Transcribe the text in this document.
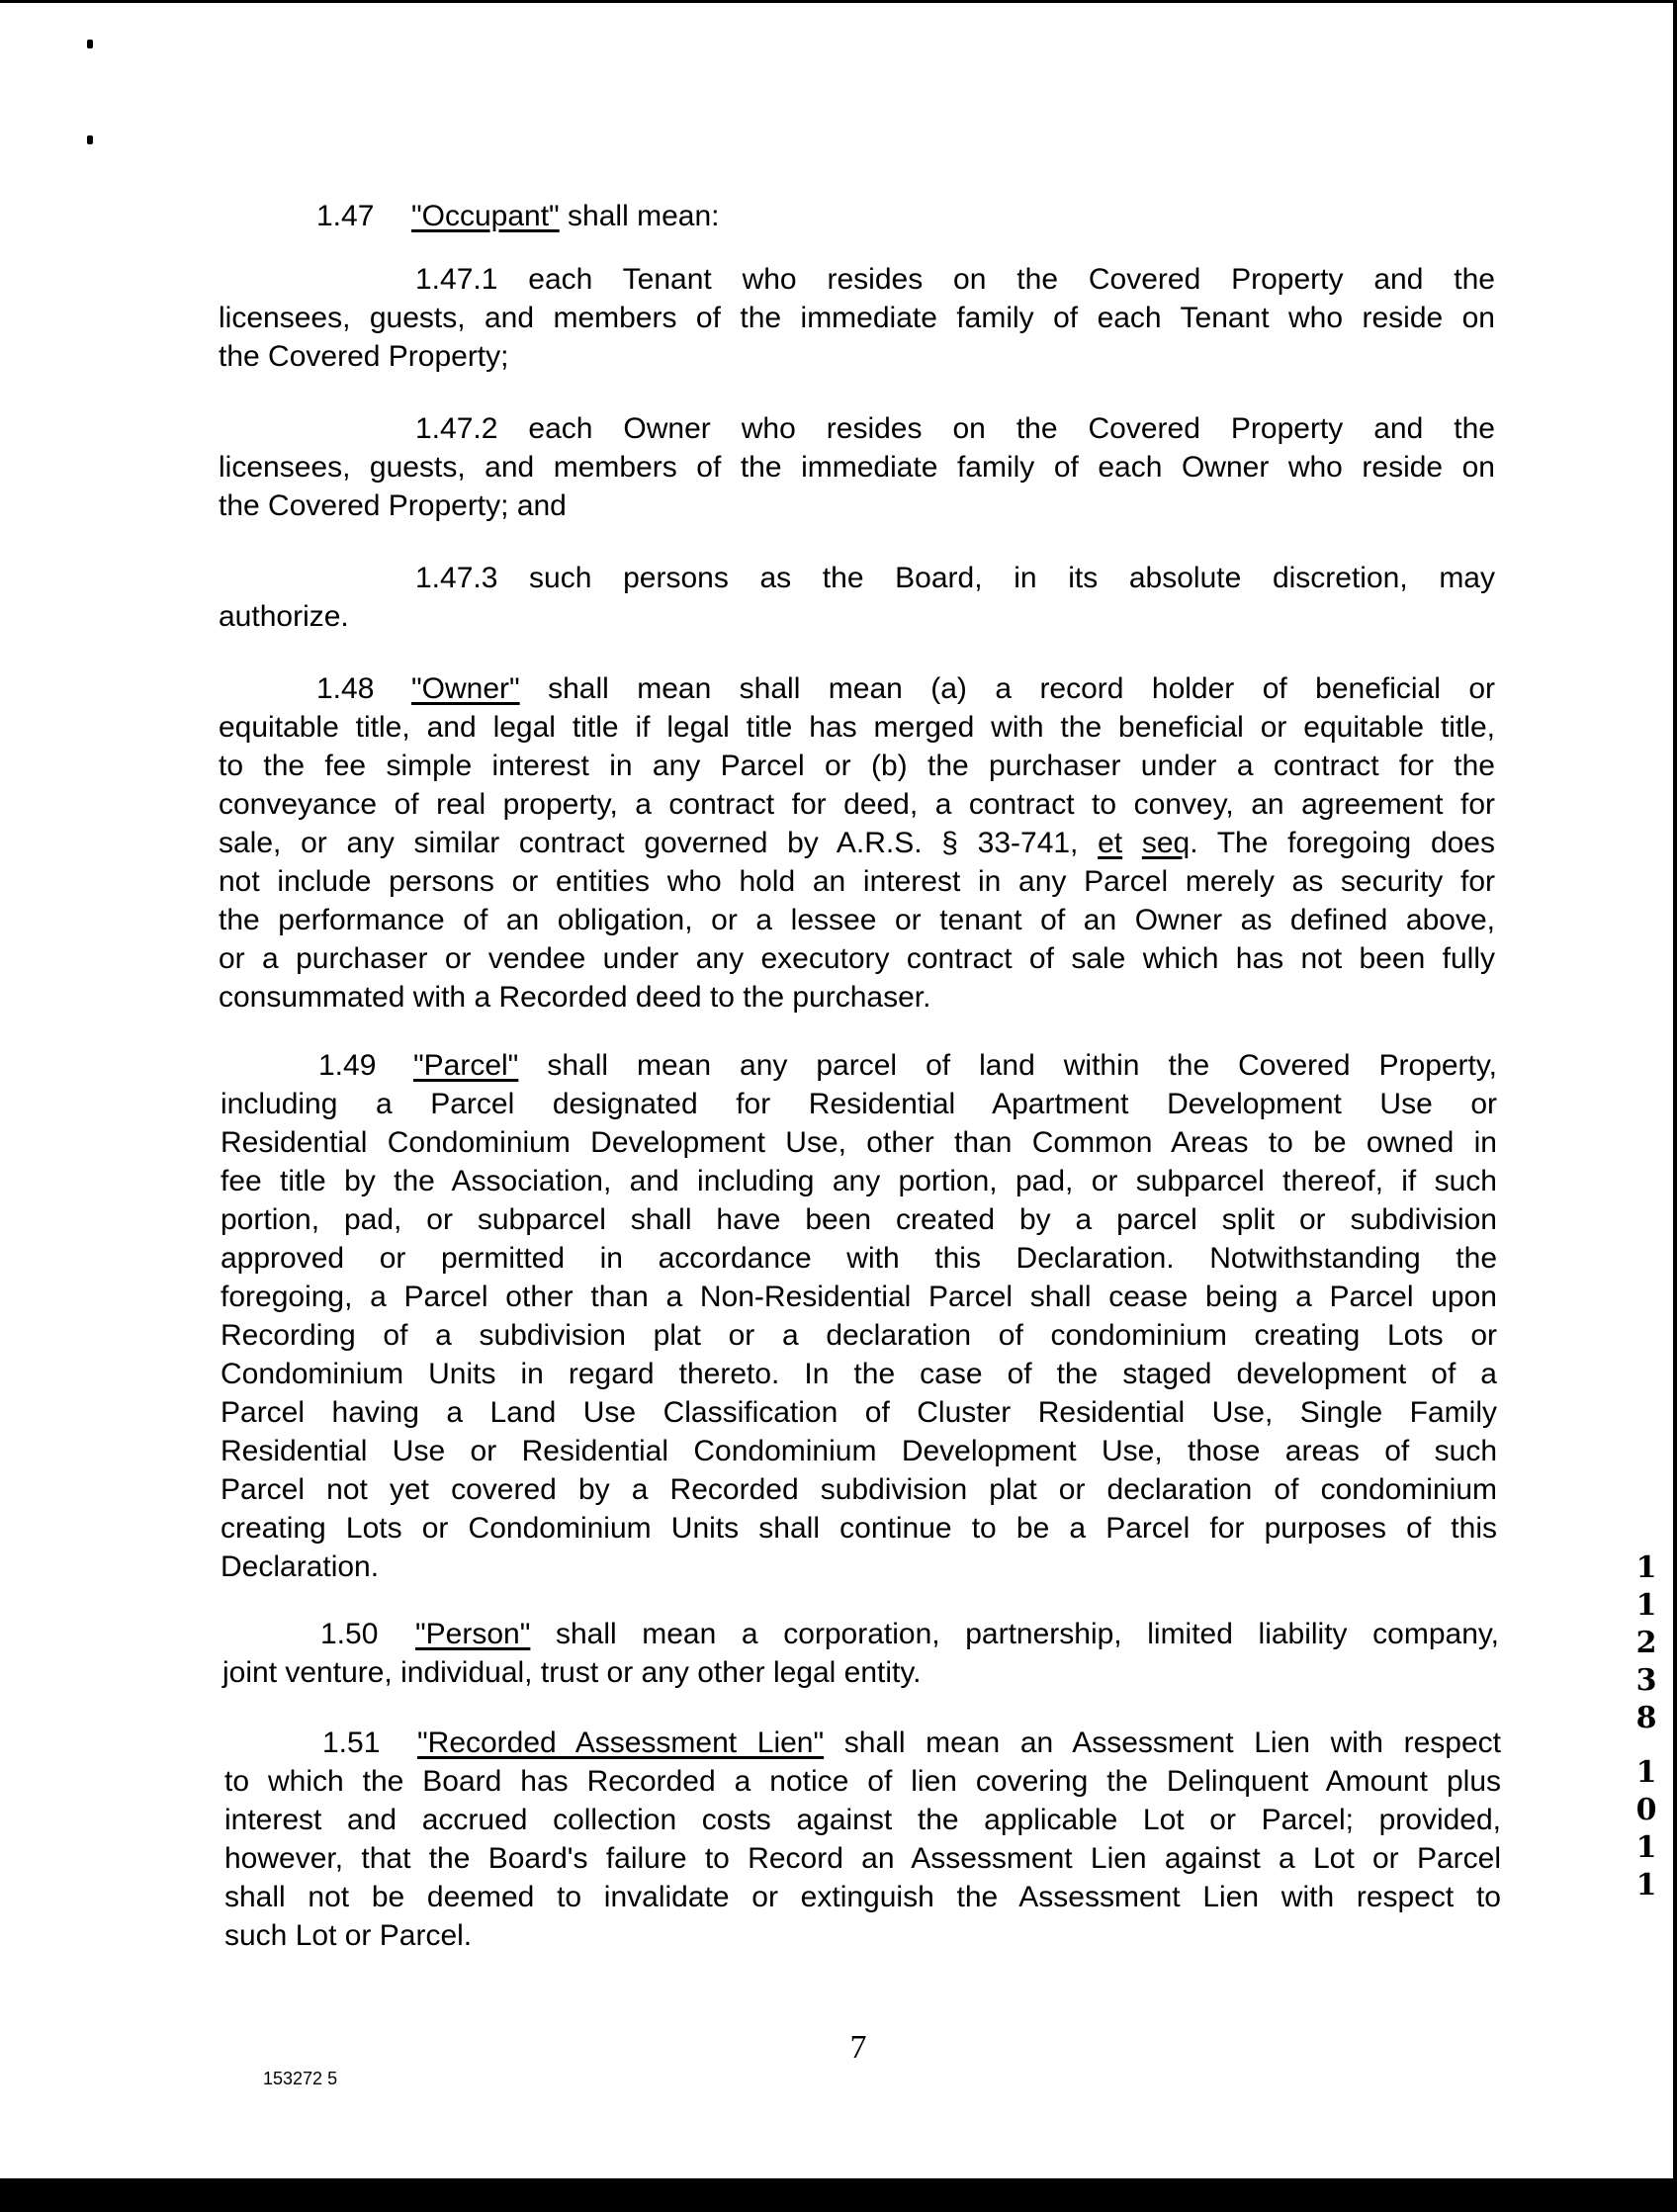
1.47 "Occupant" shall mean:
1.47.1 each Tenant who resides on the Covered Property and the
licensees, guests, and members of the immediate family of each Tenant who reside on
the Covered Property;
1.47.2 each Owner who resides on the Covered Property and the
licensees, guests, and members of the immediate family of each Owner who reside on
the Covered Property; and
1.47.3 such persons as the Board, in its absolute discretion, may
authorize.
1.48 "Owner" shall mean shall mean (a) a record holder of beneficial or
equitable title, and legal title if legal title has merged with the beneficial or equitable title,
to the fee simple interest in any Parcel or (b) the purchaser under a contract for the
conveyance of real property, a contract for deed, a contract to convey, an agreement for
sale, or any similar contract governed by A.R.S. § 33-741, et seq. The foregoing does
not include persons or entities who hold an interest in any Parcel merely as security for
the performance of an obligation, or a lessee or tenant of an Owner as defined above,
or a purchaser or vendee under any executory contract of sale which has not been fully
consummated with a Recorded deed to the purchaser.
1.49 "Parcel" shall mean any parcel of land within the Covered Property,
including a Parcel designated for Residential Apartment Development Use or
Residential Condominium Development Use, other than Common Areas to be owned in
fee title by the Association, and including any portion, pad, or subparcel thereof, if such
portion, pad, or subparcel shall have been created by a parcel split or subdivision
approved or permitted in accordance with this Declaration. Notwithstanding the
foregoing, a Parcel other than a Non-Residential Parcel shall cease being a Parcel upon
Recording of a subdivision plat or a declaration of condominium creating Lots or
Condominium Units in regard thereto. In the case of the staged development of a
Parcel having a Land Use Classification of Cluster Residential Use, Single Family
Residential Use or Residential Condominium Development Use, those areas of such
Parcel not yet covered by a Recorded subdivision plat or declaration of condominium
creating Lots or Condominium Units shall continue to be a Parcel for purposes of this
Declaration.
1.50 "Person" shall mean a corporation, partnership, limited liability company,
joint venture, individual, trust or any other legal entity.
1.51 "Recorded Assessment Lien" shall mean an Assessment Lien with respect
to which the Board has Recorded a notice of lien covering the Delinquent Amount plus
interest and accrued collection costs against the applicable Lot or Parcel; provided,
however, that the Board's failure to Record an Assessment Lien against a Lot or Parcel
shall not be deemed to invalidate or extinguish the Assessment Lien with respect to
such Lot or Parcel.
1
1
2
3
8
1
0
1
1
7
153272 5
